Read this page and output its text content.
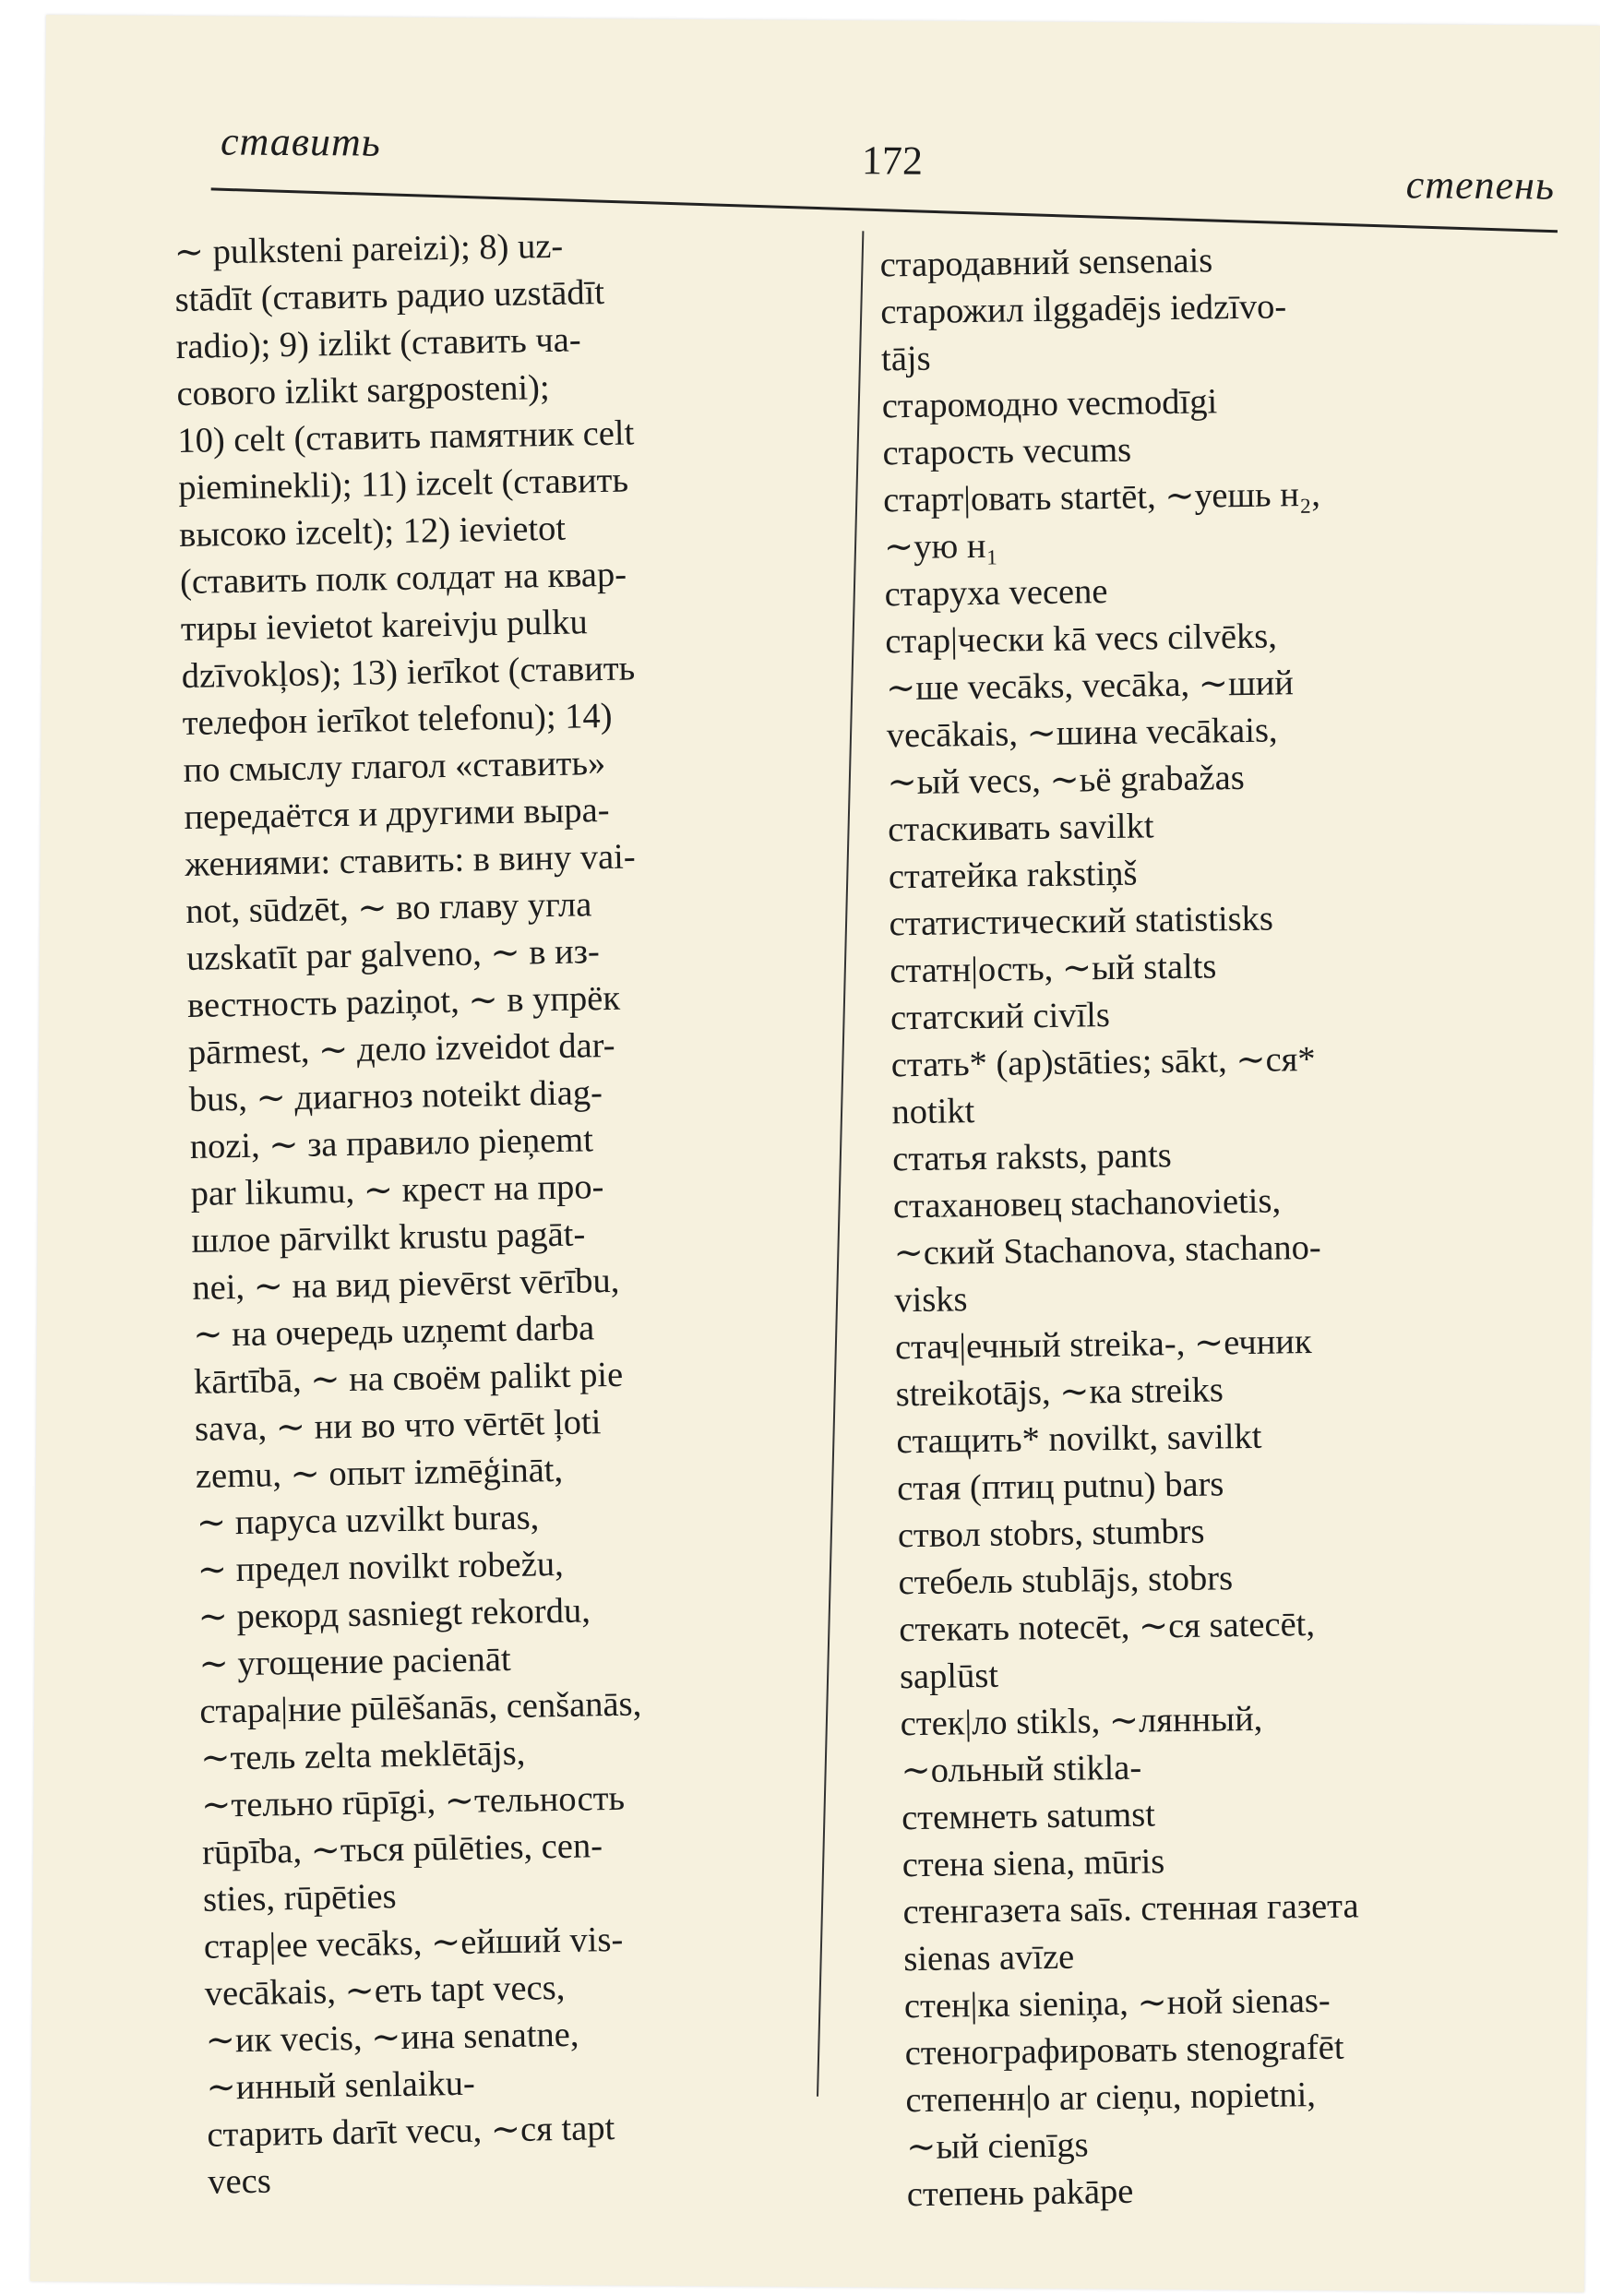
ставить	172
степень
∼ pulksteni pareizi); 8) uz-
stādīt (ставить радио uzstādīt
radio); 9) izlikt (ставить ча-
сового izlikt sargposteni);
10) celt (ставить памятник celt
pieminekli); 11) izcelt (ставить
высоко izcelt); 12) ievietot
(ставить полк солдат на квар-
тиры ievietot kareivju pulku
dzīvokļos); 13) ierīkot (ставить
телефон ierīkot telefonu); 14)
по смыслу глагол «ставить»
передаётся и другими выра-
жениями: ставить: в вину vai-
not, sūdzēt, ∼ во главу угла
uzskatīt par galveno, ∼ в из-
вестность paziņot, ∼ в упрёк
pārmest, ∼ дело izveidot dar-
bus, ∼ диагноз noteikt diag-
nozi, ∼ за правило pieņemt
par likumu, ∼ крест на про-
шлое pārvilkt krustu pagāt-
nei, ∼ на вид pievērst vērību,
∼ на очередь uzņemt darba
kārtībā, ∼ на своём palikt pie
sava, ∼ ни во что vērtēt ļoti
zemu, ∼ опыт izmēģināt,
∼ паруса uzvilkt buras,
∼ предел novilkt robežu,
∼ рекорд sasniegt rekordu,
∼ угощение pacienāt
стара|ние pūlēšanās, cenšanās,
∼тель zelta meklētājs,
∼тельно rūpīgi, ∼тельность
rūpība, ∼ться pūlēties, cen-
sties, rūpēties
стар|ее vecāks, ∼ейший vis-
vecākais, ∼еть tapt vecs,
∼ик vecis, ∼ина senatne,
∼инный senlaiku-
старить darīt vecu, ∼ся tapt
vecs
стародавний sensenais
старожил ilggadējs iedzīvo-
tājs
старомодно vecmodīgi
старость vecums
старт|овать startēt, ∼уешь н₂,
∼ую н₁
старуха vecene
стар|чески kā vecs cilvēks,
∼ше vecāks, vecāka, ∼ший
vecākais, ∼шина vecākais,
∼ый vecs, ∼ьё grabažas
стаскивать savilkt
статейка rakstiņš
статистический statistisks
статн|ость, ∼ый stalts
статский civīls
стать* (ap)stāties; sākt, ∼ся*
notikt
статья raksts, pants
стахановец stachanovietis,
∼ский Stachanova, stachano-
visks
стач|ечный streika-, ∼ечник
streikotājs, ∼ка streiks
стащить* novilkt, savilkt
стая (птиц putnu) bars
ствол stobrs, stumbrs
стебель stublājs, stobrs
стекать notecēt, ∼ся satecēt,
saplūst
стек|ло stikls, ∼лянный,
∼ольный stikla-
стемнеть satumst
стена siena, mūris
стенгазета saīs. стенная газета
sienas avīze
стен|ка sieniņa, ∼ной sienas-
стенографировать stenografēt
степенн|о ar cieņu, nopietni,
∼ый cienīgs
степень pakāpe
